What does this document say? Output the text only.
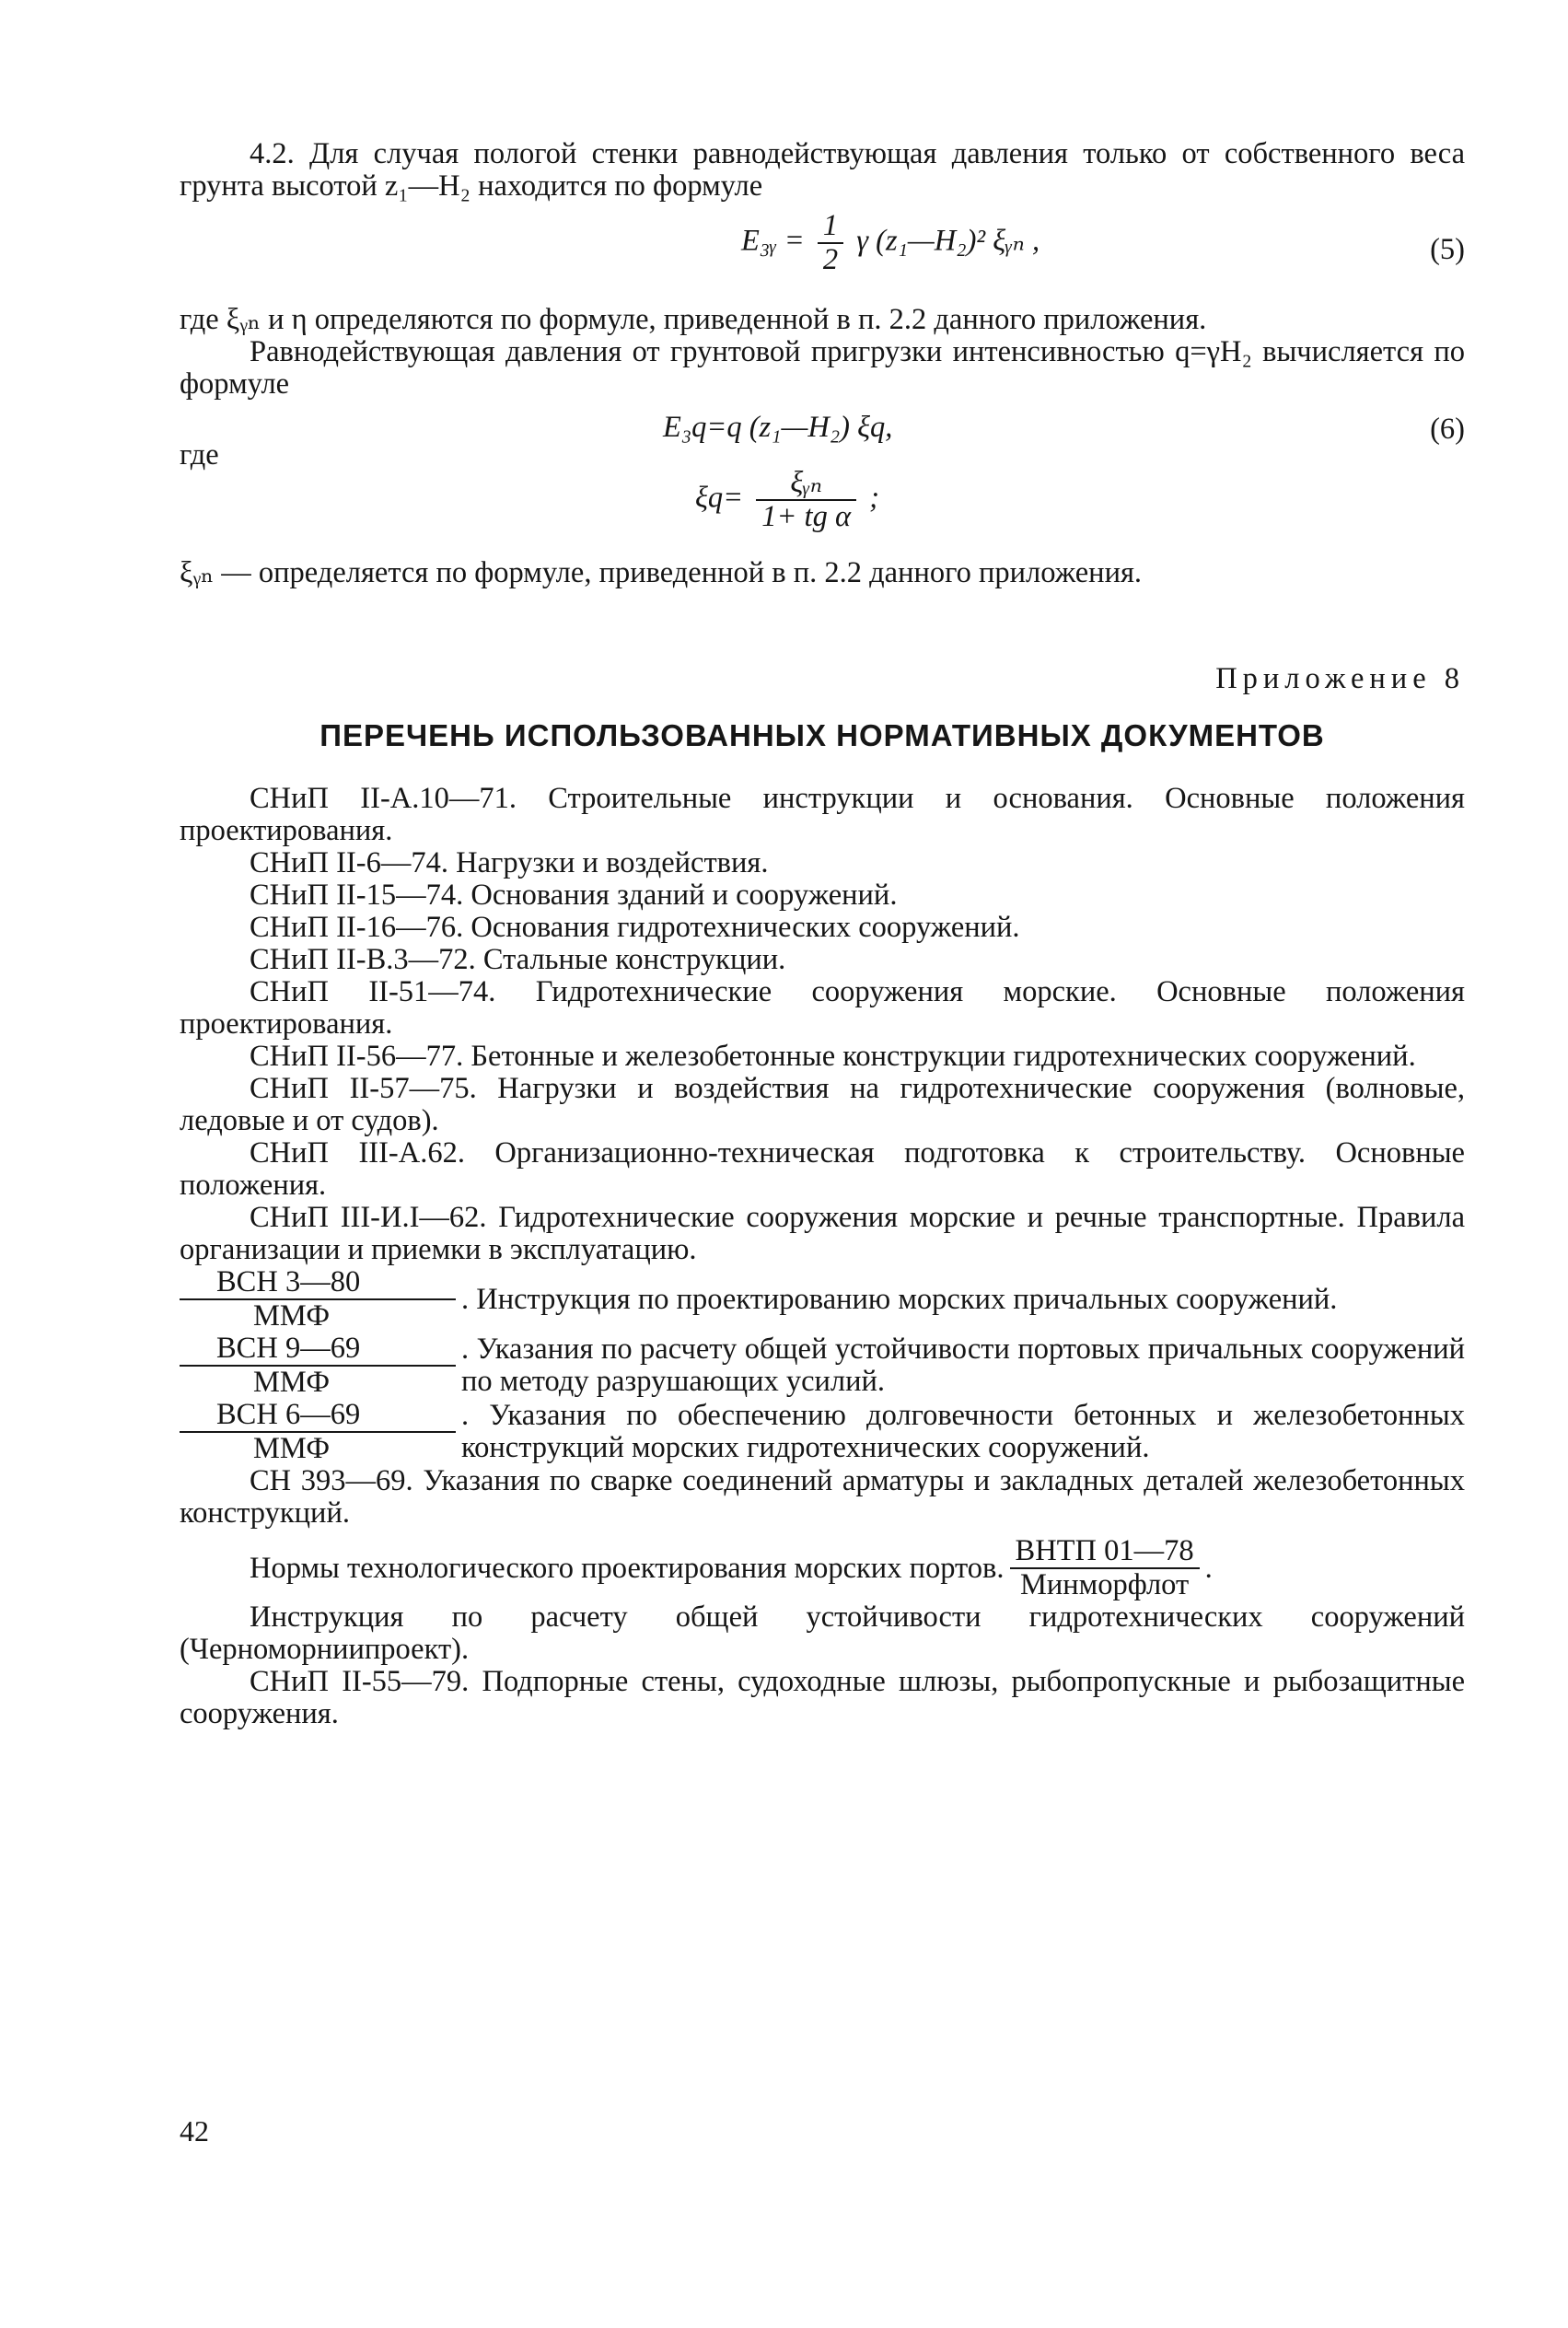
4.2. Для случая пологой стенки равнодействующая давления только от собственного веса грунта высотой z₁—H₂ находится по формуле

E₃ᵧ = $\frac{1}{2}$ γ (z₁—H₂)² ξᵧₙ ,	(5)

где ξᵧₙ и η определяются по формуле, приведенной в п. 2.2 данного приложения.

Равнодействующая давления от грунтовой пригрузки интенсивностью q=γH₂ вычисляется по формуле

E₃q=q (z₁—H₂) ξq,	(6)
где
$\xi q= \frac{\text{ξᵧₙ}}{\text{1+ tg α}}$ ;

ξᵧₙ — определяется по формуле, приведенной в п. 2.2 данного приложения.

Приложение 8

ПЕРЕЧЕНЬ ИСПОЛЬЗОВАННЫХ НОРМАТИВНЫХ ДОКУМЕНТОВ

СНиП II-А.10—71. Строительные инструкции и основания. Основные положения проектирования.

СНиП II-6—74. Нагрузки и воздействия.

СНиП II-15—74. Основания зданий и сооружений.

СНиП II-16—76. Основания гидротехнических сооружений.

СНиП II-В.3—72. Стальные конструкции.

СНиП II-51—74. Гидротехнические сооружения морские. Основные положения проектирования.

СНиП II-56—77. Бетонные и железобетонные конструкции гидротехнических сооружений.

СНиП II-57—75. Нагрузки и воздействия на гидротехнические сооружения (волновые, ледовые и от судов).

СНиП III-А.62. Организационно-техническая подготовка к строительству. Основные положения.

СНиП III-И.I—62. Гидротехнические сооружения морские и речные транспортные. Правила организации и приемки в эксплуатацию.

$\frac{\text{ВСН 3—80}}{\text{ММФ}}$ . Инструкция по проектированию морских причальных сооружений.

$\frac{\text{ВСН 9—69}}{\text{ММФ}}$ . Указания по расчету общей устойчивости портовых причальных сооружений по методу разрушающих усилий.

$\frac{\text{ВСН 6—69}}{\text{ММФ}}$ . Указания по обеспечению долговечности бетонных и железобетонных конструкций морских гидротехнических сооружений.

СН 393—69. Указания по сварке соединений арматуры и закладных деталей железобетонных конструкций.

Нормы технологического проектирования морских портов. $\frac{\text{ВНТП 01—78}}{\text{Минморфлот}}$ .

Инструкция по расчету общей устойчивости гидротехнических сооружений (Черноморниипроект).

СНиП II-55—79. Подпорные стены, судоходные шлюзы, рыбопропускные и рыбозащитные сооружения.

42
